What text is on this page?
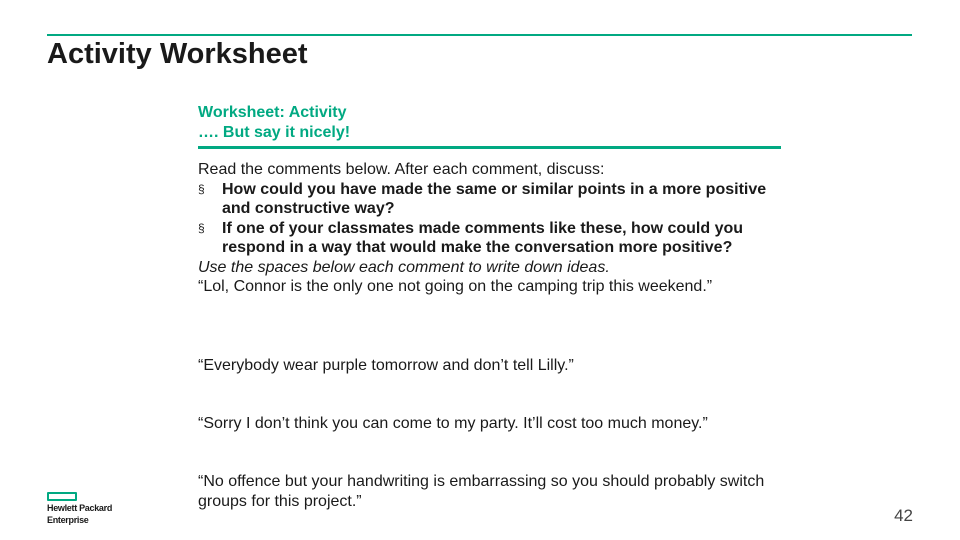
Activity Worksheet
Worksheet: Activity
…. But say it nicely!

Read the comments below. After each comment, discuss:

§ How could you have made the same or similar points in a more positive and constructive way?

§ If one of your classmates made comments like these, how could you respond in a way that would make the conversation more positive?

Use the spaces below each comment to write down ideas.

“Lol, Connor is the only one not going on the camping trip this weekend.”

“Everybody wear purple tomorrow and don’t tell Lilly.”
“Sorry I don’t think you can come to my party. It’ll cost too much money.”
“No offence but your handwriting is embarrassing so you should probably switch groups for this project.”
Hewlett Packard
Enterprise	42
